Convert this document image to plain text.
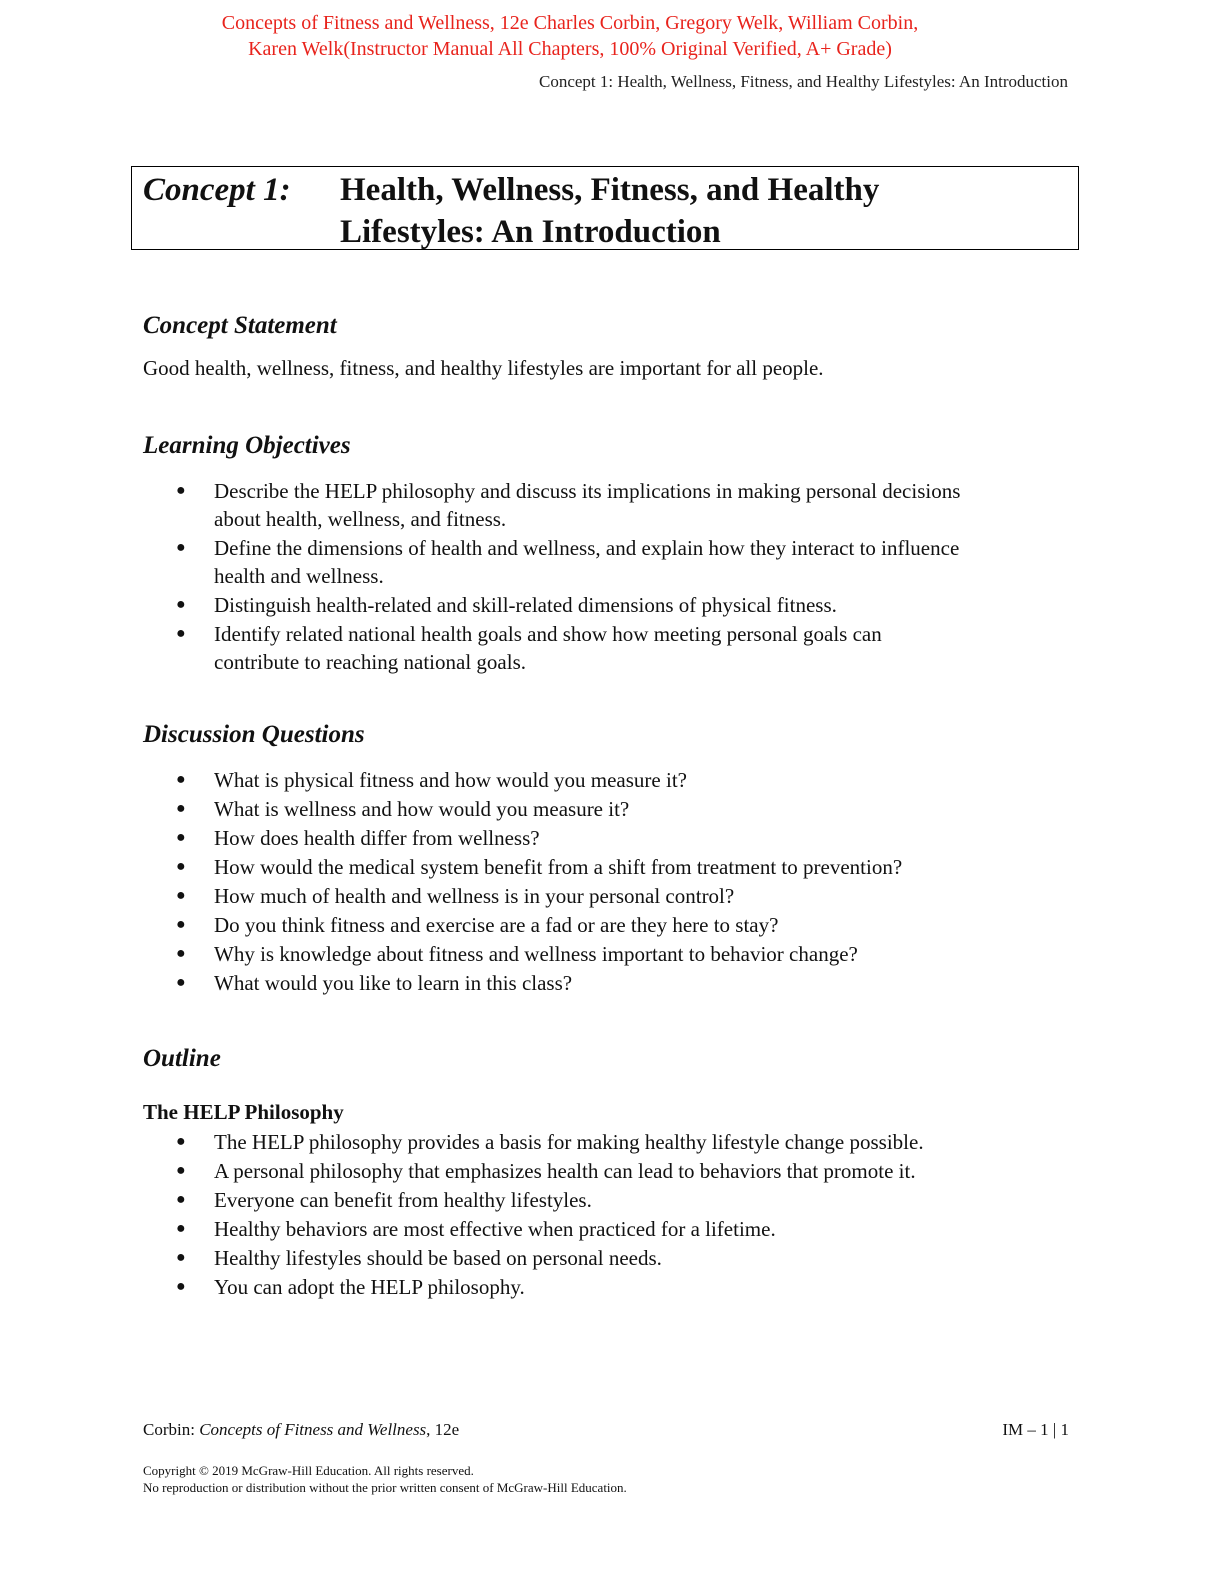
Concepts of Fitness and Wellness, 12e Charles Corbin, Gregory Welk, William Corbin,
Karen Welk(Instructor Manual All Chapters, 100% Original Verified, A+ Grade)
Concept 1: Health, Wellness, Fitness, and Healthy Lifestyles: An Introduction
Concept 1: Health, Wellness, Fitness, and Healthy
Lifestyles: An Introduction
Concept Statement

Good health, wellness, fitness, and healthy lifestyles are important for all people.

Learning Objectives
● Describe the HELP philosophy and discuss its implications in making personal decisions
about health, wellness, and fitness.
● Define the dimensions of health and wellness, and explain how they interact to influence
health and wellness.
● Distinguish health-related and skill-related dimensions of physical fitness.
● Identify related national health goals and show how meeting personal goals can
contribute to reaching national goals.
Discussion Questions
● What is physical fitness and how would you measure it?
● What is wellness and how would you measure it?
● How does health differ from wellness?
● How would the medical system benefit from a shift from treatment to prevention?
● How much of health and wellness is in your personal control?
● Do you think fitness and exercise are a fad or are they here to stay?
● Why is knowledge about fitness and wellness important to behavior change?
● What would you like to learn in this class?
Outline
The HELP Philosophy
● The HELP philosophy provides a basis for making healthy lifestyle change possible.
● A personal philosophy that emphasizes health can lead to behaviors that promote it.
● Everyone can benefit from healthy lifestyles.
● Healthy behaviors are most effective when practiced for a lifetime.
● Healthy lifestyles should be based on personal needs.
● You can adopt the HELP philosophy.
Corbin: Concepts of Fitness and Wellness, 12e	IM – 1 | 1
Copyright © 2019 McGraw-Hill Education. All rights reserved.
No reproduction or distribution without the prior written consent of McGraw-Hill Education.
